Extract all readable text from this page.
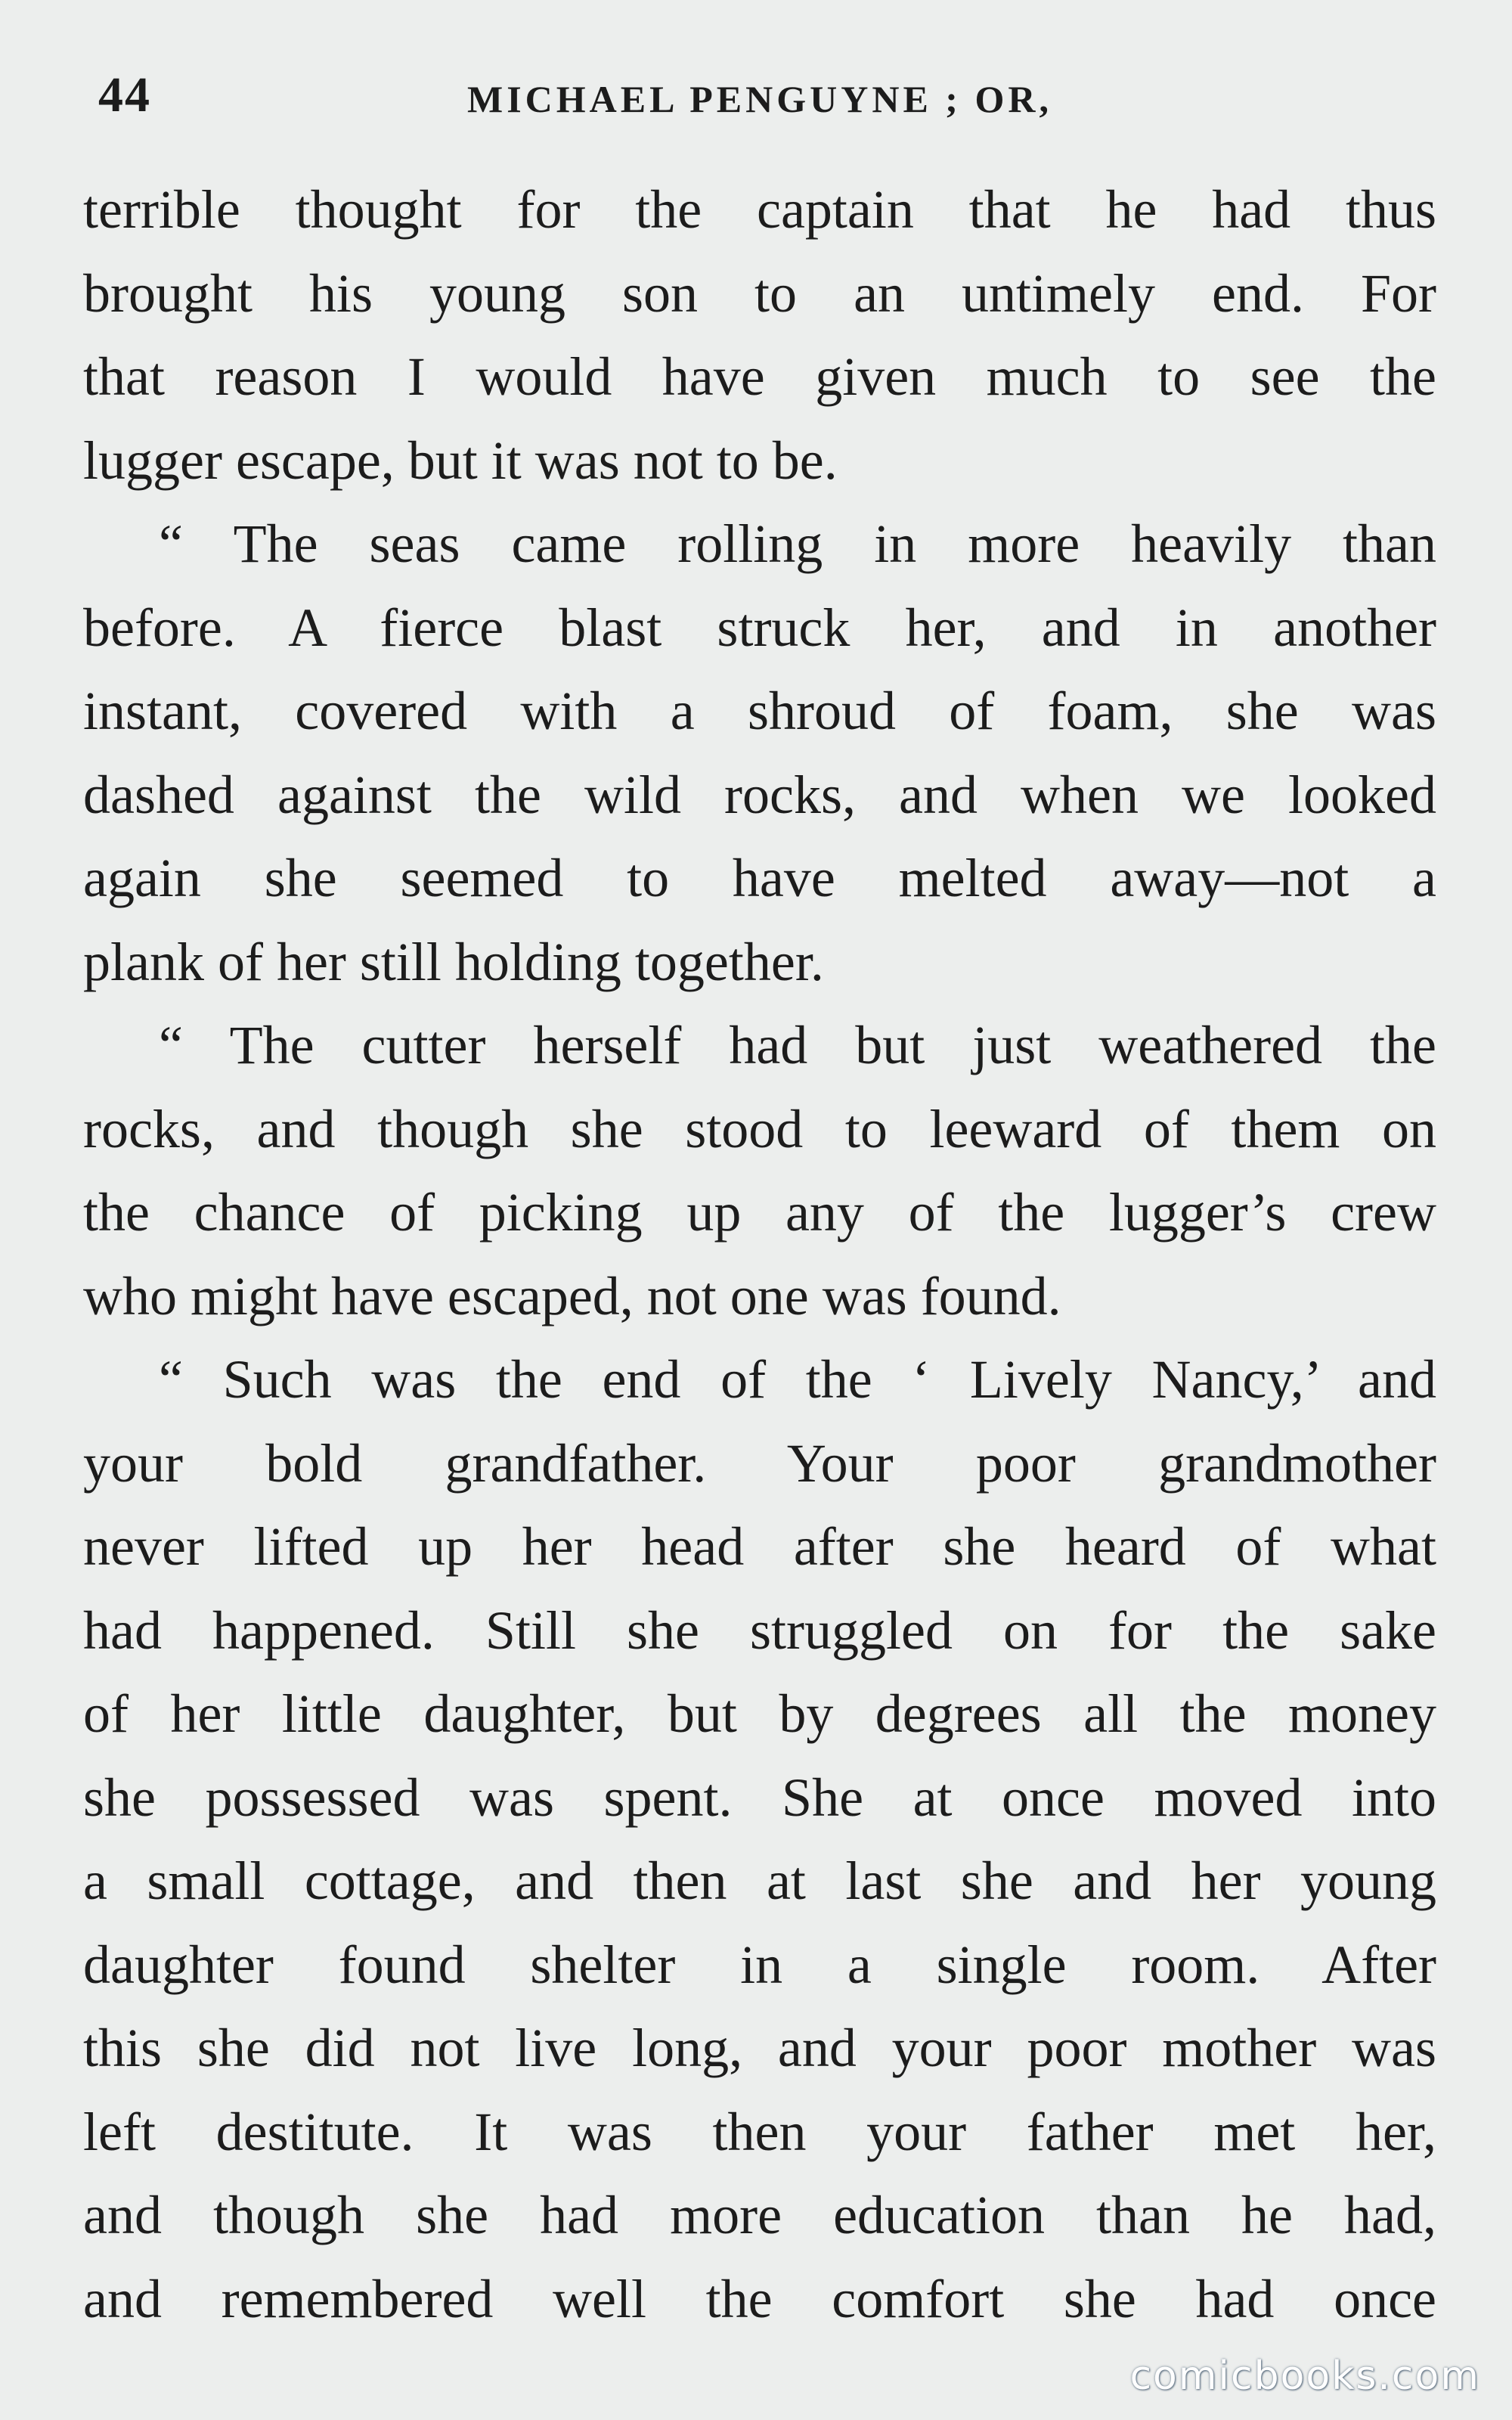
44	MICHAEL PENGUYNE ; OR,

terrible thought for the captain that he had thus
brought his young son to an untimely end. For
that reason I would have given much to see the
lugger escape, but it was not to be.

“ The seas came rolling in more heavily than
before. A fierce blast struck her, and in another
instant, covered with a shroud of foam, she was
dashed against the wild rocks, and when we looked
again she seemed to have melted away—not a
plank of her still holding together.

“ The cutter herself had but just weathered the
rocks, and though she stood to leeward of them on
the chance of picking up any of the lugger’s crew
who might have escaped, not one was found.

“ Such was the end of the ‘ Lively Nancy,’ and
your bold grandfather. Your poor grandmother
never lifted up her head after she heard of what
had happened. Still she struggled on for the sake
of her little daughter, but by degrees all the money
she possessed was spent. She at once moved into
a small cottage, and then at last she and her young
daughter found shelter in a single room. After
this she did not live long, and your poor mother was
left destitute. It was then your father met her,
and though she had more education than he had,
and remembered well the comfort she had once

comicbooks.com
